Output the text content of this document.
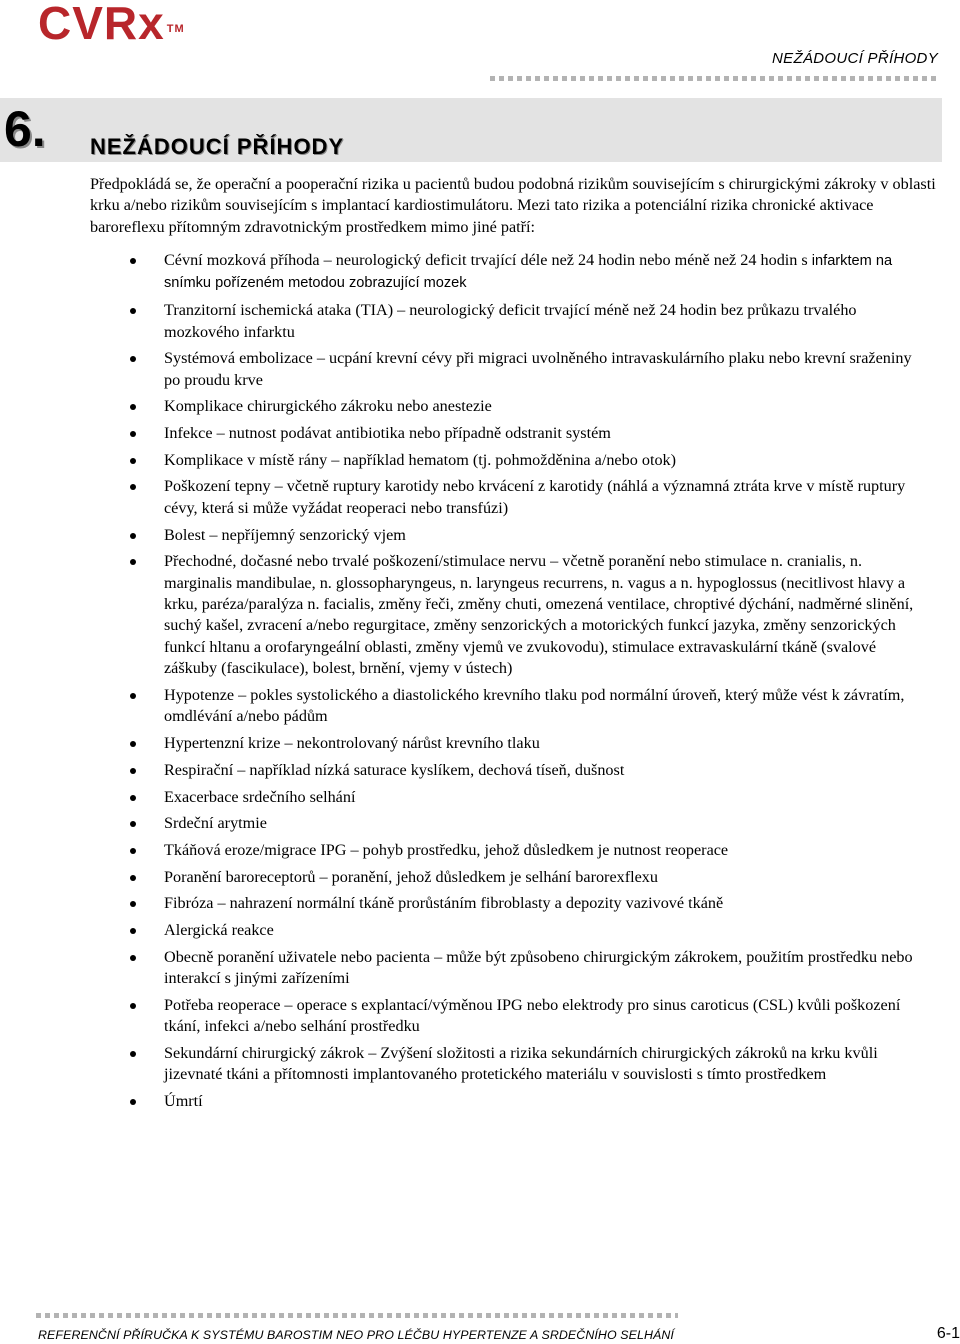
CVRx ™
NEŽÁDOUCÍ PŘÍHODY
6. NEŽÁDOUCÍ PŘÍHODY

Předpokládá se, že operační a pooperační rizika u pacientů budou podobná rizikům souvisejícím s chirurgickými zákroky v oblasti krku a/nebo rizikům souvisejícím s implantací kardiostimulátoru. Mezi tato rizika a potenciální rizika chronické aktivace baroreflexu přítomným zdravotnickým prostředkem mimo jiné patří:

Cévní mozková příhoda – neurologický deficit trvající déle než 24 hodin nebo méně než 24 hodin s infarktem na snímku pořízeném metodou zobrazující mozek
Tranzitorní ischemická ataka (TIA) – neurologický deficit trvající méně než 24 hodin bez průkazu trvalého mozkového infarktu
Systémová embolizace – ucpání krevní cévy při migraci uvolněného intravaskulárního plaku nebo krevní sraženiny po proudu krve
Komplikace chirurgického zákroku nebo anestezie
Infekce – nutnost podávat antibiotika nebo případně odstranit systém
Komplikace v místě rány – například hematom (tj. pohmožděnina a/nebo otok)
Poškození tepny – včetně ruptury karotidy nebo krvácení z karotidy (náhlá a významná ztráta krve v místě ruptury cévy, která si může vyžádat reoperaci nebo transfúzi)
Bolest – nepříjemný senzorický vjem
Přechodné, dočasné nebo trvalé poškození/stimulace nervu – včetně poranění nebo stimulace n. cranialis, n. marginalis mandibulae, n. glossopharyngeus, n. laryngeus recurrens, n. vagus a n. hypoglossus (necitlivost hlavy a krku, paréza/paralýza n. facialis, změny řeči, změny chuti, omezená ventilace, chroptivé dýchání, nadměrné slinění, suchý kašel, zvracení a/nebo regurgitace, změny senzorických a motorických funkcí jazyka, změny senzorických funkcí hltanu a orofaryngeální oblasti, změny vjemů ve zvukovodu), stimulace extravaskulární tkáně (svalové záškuby (fascikulace), bolest, brnění, vjemy v ústech)
Hypotenze – pokles systolického a diastolického krevního tlaku pod normální úroveň, který může vést k závratím, omdlévání a/nebo pádům
Hypertenzní krize – nekontrolovaný nárůst krevního tlaku
Respirační – například nízká saturace kyslíkem, dechová tíseň, dušnost
Exacerbace srdečního selhání
Srdeční arytmie
Tkáňová eroze/migrace IPG – pohyb prostředku, jehož důsledkem je nutnost reoperace
Poranění baroreceptorů – poranění, jehož důsledkem je selhání barorexflexu
Fibróza – nahrazení normální tkáně prorůstáním fibroblasty a depozity vazivové tkáně
Alergická reakce
Obecně poranění uživatele nebo pacienta – může být způsobeno chirurgickým zákrokem, použitím prostředku nebo interakcí s jinými zařízeními
Potřeba reoperace – operace s explantací/výměnou IPG nebo elektrody pro sinus caroticus (CSL) kvůli poškození tkání, infekci a/nebo selhání prostředku
Sekundární chirurgický zákrok – Zvýšení složitosti a rizika sekundárních chirurgických zákroků na krku kvůli jizevnaté tkáni a přítomnosti implantovaného protetického materiálu v souvislosti s tímto prostředkem
Úmrtí
REFERENČNÍ PŘÍRUČKA K SYSTÉMU BAROSTIM NEO PRO LÉČBU HYPERTENZE A SRDEČNÍHO SELHÁNÍ	6-1
